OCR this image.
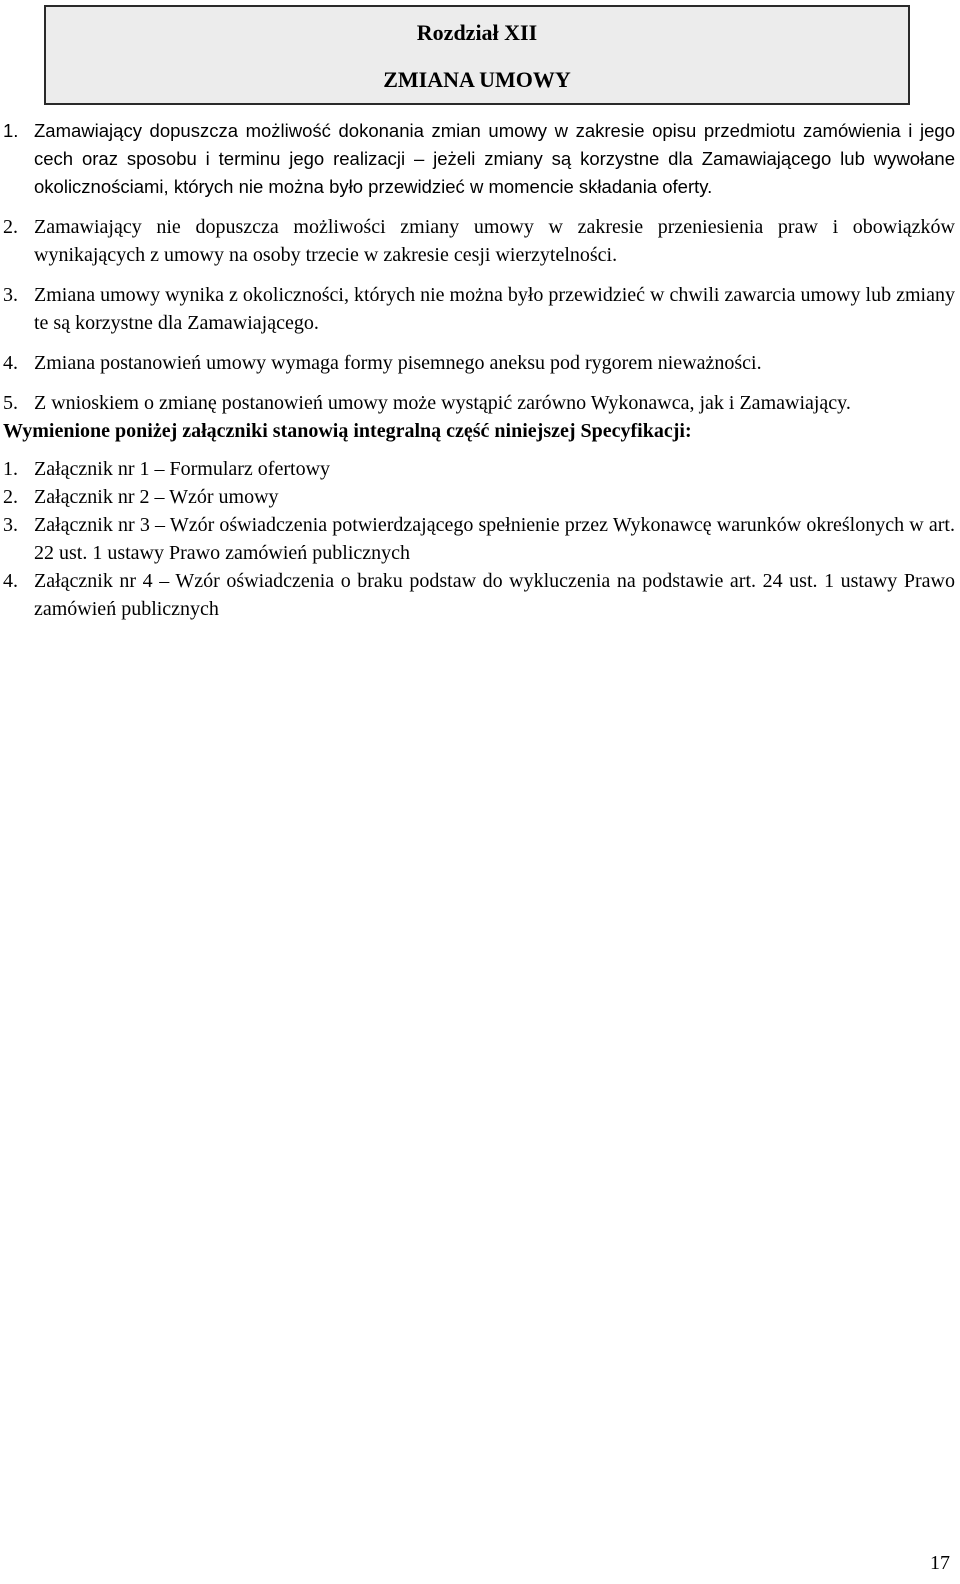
Rozdział XII
ZMIANA UMOWY
1. Zamawiający dopuszcza możliwość dokonania zmian umowy w zakresie opisu przedmiotu zamówienia i jego cech oraz sposobu i terminu jego realizacji – jeżeli zmiany są korzystne dla Zamawiającego lub wywołane okolicznościami, których nie można było przewidzieć w momencie składania oferty.
2. Zamawiający nie dopuszcza możliwości zmiany umowy w zakresie przeniesienia praw i obowiązków wynikających z umowy na osoby trzecie w zakresie cesji wierzytelności.
3. Zmiana umowy wynika z okoliczności, których nie można było przewidzieć w chwili zawarcia umowy lub zmiany te są korzystne dla Zamawiającego.
4. Zmiana postanowień umowy wymaga formy pisemnego aneksu pod rygorem nieważności.
5. Z wnioskiem o zmianę postanowień umowy może wystąpić zarówno Wykonawca, jak i Zamawiający.
Wymienione poniżej załączniki stanowią integralną część niniejszej Specyfikacji:
1. Załącznik nr 1 – Formularz ofertowy
2. Załącznik nr 2 – Wzór umowy
3. Załącznik nr 3 – Wzór oświadczenia potwierdzającego spełnienie przez Wykonawcę warunków określonych w art. 22 ust. 1 ustawy Prawo zamówień publicznych
4. Załącznik nr 4 – Wzór oświadczenia o braku podstaw do wykluczenia na podstawie art. 24 ust. 1 ustawy Prawo zamówień publicznych
17
